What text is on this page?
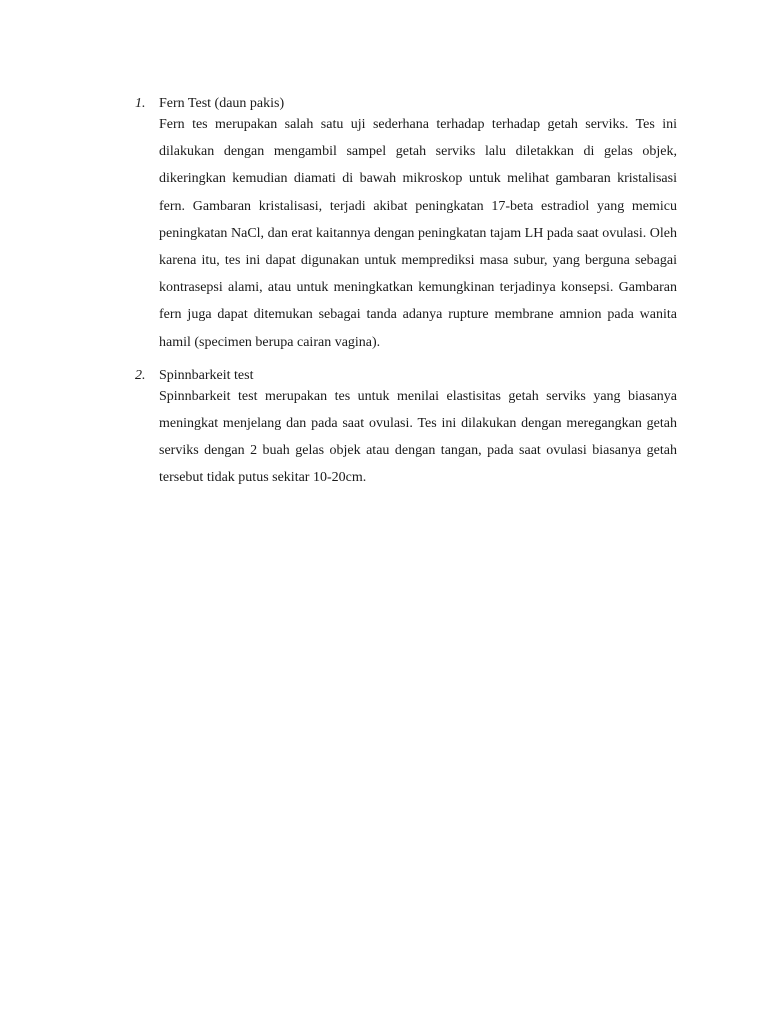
1. Fern Test (daun pakis)
Fern tes merupakan salah satu uji sederhana terhadap terhadap getah serviks. Tes ini dilakukan dengan mengambil sampel getah serviks lalu diletakkan di gelas objek, dikeringkan kemudian diamati di bawah mikroskop untuk melihat gambaran kristalisasi fern. Gambaran kristalisasi, terjadi akibat peningkatan 17-beta estradiol yang memicu peningkatan NaCl, dan erat kaitannya dengan peningkatan tajam LH pada saat ovulasi. Oleh karena itu, tes ini dapat digunakan untuk memprediksi masa subur, yang berguna sebagai kontrasepsi alami, atau untuk meningkatkan kemungkinan terjadinya konsepsi. Gambaran fern juga dapat ditemukan sebagai tanda adanya rupture membrane amnion pada wanita hamil (specimen berupa cairan vagina).
2. Spinnbarkeit test
Spinnbarkeit test merupakan tes untuk menilai elastisitas getah serviks yang biasanya meningkat menjelang dan pada saat ovulasi. Tes ini dilakukan dengan meregangkan getah serviks dengan 2 buah gelas objek atau dengan tangan, pada saat ovulasi biasanya getah tersebut tidak putus sekitar 10-20cm.
